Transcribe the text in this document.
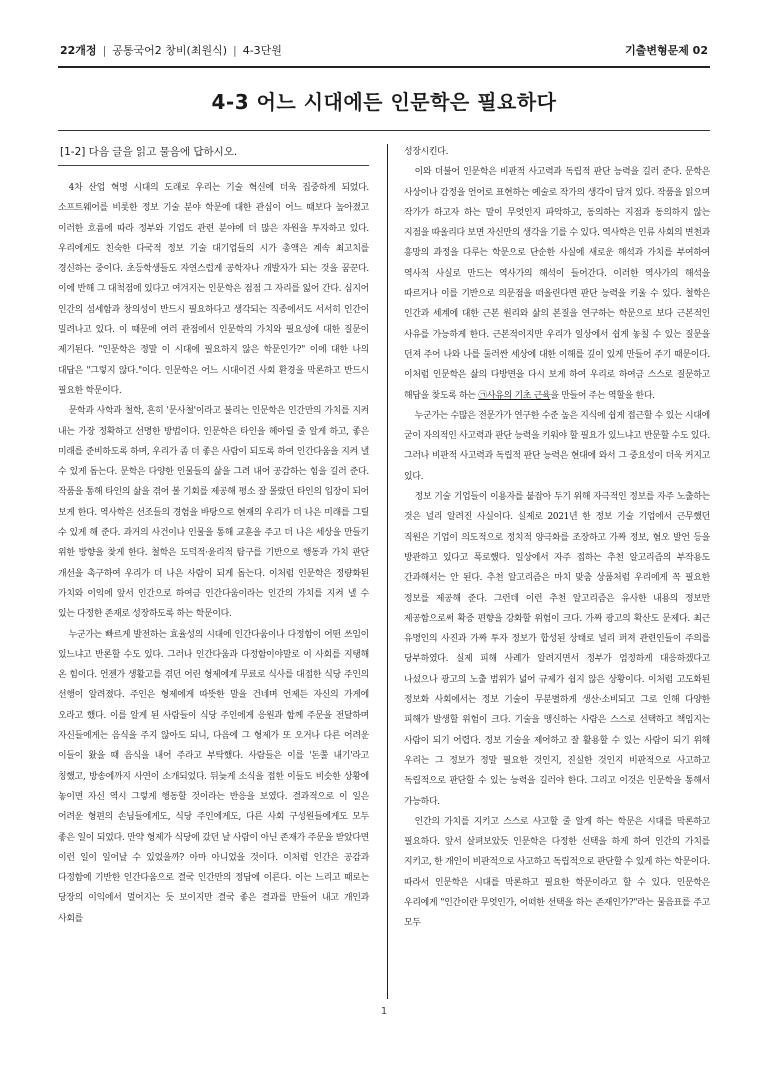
22개정 | 공통국어2 창비(최원식) | 4-3단원	기출변형문제 02
4-3 어느 시대에든 인문학은 필요하다
[1-2] 다음 글을 읽고 물음에 답하시오.

4차 산업 혁명 시대의 도래로 우리는 기술 혁신에 더욱 집중하게 되었다. 소프트웨어를 비롯한 정보 기술 분야 학문에 대한 관심이 어느 때보다 높아졌고 이러한 흐름에 따라 정부와 기업도 관련 분야에 더 많은 자원을 투자하고 있다. 우리에게도 친숙한 다국적 정보 기술 대기업들의 시가 총액은 계속 최고치를 경신하는 중이다. 초등학생들도 자연스럽게 공학자나 개발자가 되는 것을 꿈꾼다. 이에 반해 그 대척점에 있다고 여겨지는 인문학은 점점 그 자리를 잃어 간다. 심지어 인간의 섬세함과 창의성이 반드시 필요하다고 생각되는 직종에서도 서서히 인간이 밀려나고 있다. 이 때문에 여러 관점에서 인문학의 가치와 필요성에 대한 질문이 제기된다. "인문학은 정말 이 시대에 필요하지 않은 학문인가?" 이에 대한 나의 대답은 "그렇지 않다."이다. 인문학은 어느 시대이건 사회 환경을 막론하고 반드시 필요한 학문이다.

문학과 사학과 철학, 흔히 '문사철'이라고 불리는 인문학은 인간만의 가치를 지켜 내는 가장 정확하고 선명한 방법이다. 인문학은 타인을 헤아릴 줄 알게 하고, 좋은 미래를 준비하도록 하며, 우리가 좀 더 좋은 사람이 되도록 하여 인간다움을 지켜 낼 수 있게 돕는다. 문학은 다양한 인물들의 삶을 그려 내어 공감하는 힘을 길러 준다. 작품을 통해 타인의 삶을 겪어 볼 기회를 제공해 평소 잘 몰랐던 타인의 입장이 되어 보게 한다. 역사학은 선조들의 경험을 바탕으로 현재의 우리가 더 나은 미래를 그릴 수 있게 해 준다. 과거의 사건이나 인물을 통해 교훈을 주고 더 나은 세상을 만들기 위한 방향을 찾게 한다. 철학은 도덕적·윤리적 탐구를 기반으로 행동과 가치 판단 개선을 촉구하여 우리가 더 나은 사람이 되게 돕는다. 이처럼 인문학은 정량화된 가치와 이익에 앞서 인간으로 하여금 인간다움이라는 인간의 가치를 지켜 낼 수 있는 다정한 존재로 성장하도록 하는 학문이다.

누군가는 빠르게 발전하는 효율성의 시대에 인간다움이나 다정함이 어떤 쓰임이 있느냐고 반론할 수도 있다. 그러나 인간다움과 다정함이야말로 이 사회를 지탱해 온 힘이다. 언젠가 생활고를 겪던 어린 형제에게 무료로 식사를 대접한 식당 주인의 선행이 알려졌다. 주인은 형제에게 따뜻한 말을 건네며 언제든 자신의 가게에 오라고 했다. 이를 알게 된 사람들이 식당 주인에게 응원과 함께 주문을 전달하며 자신들에게는 음식을 주지 않아도 되니, 다음에 그 형제가 또 오거나 다른 어려운 이들이 왔을 때 음식을 내어 주라고 부탁했다. 사람들은 이를 '돈쭐 내기'라고 칭했고, 방송에까지 사연이 소개되었다. 뒤늦게 소식을 접한 이들도 비슷한 상황에 놓이면 자신 역시 그렇게 행동할 것이라는 반응을 보였다. 결과적으로 이 일은 어려운 형편의 손님들에게도, 식당 주인에게도, 다른 사회 구성원들에게도 모두 좋은 일이 되었다. 만약 형제가 식당에 갔던 날 사람이 아닌 존재가 주문을 받았다면 이런 일이 일어날 수 있었을까? 아마 아니었을 것이다. 이처럼 인간은 공감과 다정함에 기반한 인간다움으로 결국 인간만의 정답에 이른다. 이는 느리고 때로는 당장의 이익에서 멀어지는 듯 보이지만 결국 좋은 결과를 만들어 내고 개인과 사회를

성장시킨다.

이와 더불어 인문학은 비판적 사고력과 독립적 판단 능력을 길러 준다. 문학은 사상이나 감정을 언어로 표현하는 예술로 작가의 생각이 담겨 있다. 작품을 읽으며 작가가 하고자 하는 말이 무엇인지 파악하고, 동의하는 지점과 동의하지 않는 지점을 따올리다 보면 자신만의 생각을 기를 수 있다. 역사학은 인류 사회의 변천과 흥망의 과정을 다루는 학문으로 단순한 사실에 새로운 해석과 가치를 부여하여 역사적 사실로 만드는 역사가의 해석이 들어간다. 이러한 역사가의 해석을 따르거나 이를 기반으로 의문점을 떠올린다면 판단 능력을 키울 수 있다. 철학은 인간과 세계에 대한 근본 원리와 삶의 본질을 연구하는 학문으로 보다 근본적인 사유를 가능하게 한다. 근본적이지만 우리가 일상에서 쉽게 놓칠 수 있는 질문을 던져 주어 나와 나를 둘러싼 세상에 대한 이해를 깊이 있게 만들어 주기 때문이다. 이처럼 인문학은 삶의 다방면을 다시 보게 하여 우리로 하여금 스스로 질문하고 해답을 찾도록 하는 ㉠사유의 기초 근육을 만들어 주는 역할을 한다.

누군가는 수많은 전문가가 연구한 수준 높은 지식에 쉽게 접근할 수 있는 시대에 굳이 자의적인 사고력과 판단 능력을 키워야 할 필요가 있느냐고 반문할 수도 있다. 그러나 비판적 사고력과 독립적 판단 능력은 현대에 와서 그 중요성이 더욱 커지고 있다.

정보 기술 기업들이 이용자를 붙잡아 두기 위해 자극적인 정보를 자주 노출하는 것은 널리 알려진 사실이다. 실제로 2021년 한 정보 기술 기업에서 근무했던 직원은 기업이 의도적으로 정치적 양극화를 조장하고 가짜 정보, 혐오 발언 등을 방관하고 있다고 폭로했다. 일상에서 자주 접하는 추천 알고리즘의 부작용도 간과해서는 안 된다. 추천 알고리즘은 마치 맞춤 상품처럼 우리에게 꼭 필요한 정보를 제공해 준다. 그런데 이런 추천 알고리즘은 유사한 내용의 정보만 제공함으로써 확증 편향을 강화할 위험이 크다. 가짜 광고의 확산도 문제다. 최근 유명인의 사진과 가짜 투자 정보가 합성된 상태로 널리 퍼져 관련인들이 주의를 당부하였다. 실제 피해 사례가 알려지면서 정부가 엄정하게 대응하겠다고 나섰으나 광고의 노출 범위가 넓어 규제가 쉽지 않은 상황이다. 이처럼 고도화된 정보화 사회에서는 정보 기술이 무분별하게 생산·소비되고 그로 인해 다양한 피해가 발생할 위험이 크다. 기술을 맹신하는 사람은 스스로 선택하고 책임지는 사람이 되기 어렵다. 정보 기술을 제어하고 잘 활용할 수 있는 사람이 되기 위해 우리는 그 정보가 정말 필요한 것인지, 진실한 것인지 비판적으로 사고하고 독립적으로 판단할 수 있는 능력을 길러야 한다. 그리고 이것은 인문학을 통해서 가능하다.

인간의 가치를 지키고 스스로 사고할 줄 알게 하는 학문은 시대를 막론하고 필요하다. 앞서 살펴보았듯 인문학은 다정한 선택을 하게 하여 인간의 가치를 지키고, 한 개인이 비판적으로 사고하고 독립적으로 판단할 수 있게 하는 학문이다. 따라서 인문학은 시대를 막론하고 필요한 학문이라고 할 수 있다. 인문학은 우리에게 "인간이란 무엇인가, 어떠한 선택을 하는 존재인가?"라는 물음표를 주고 모두

1
